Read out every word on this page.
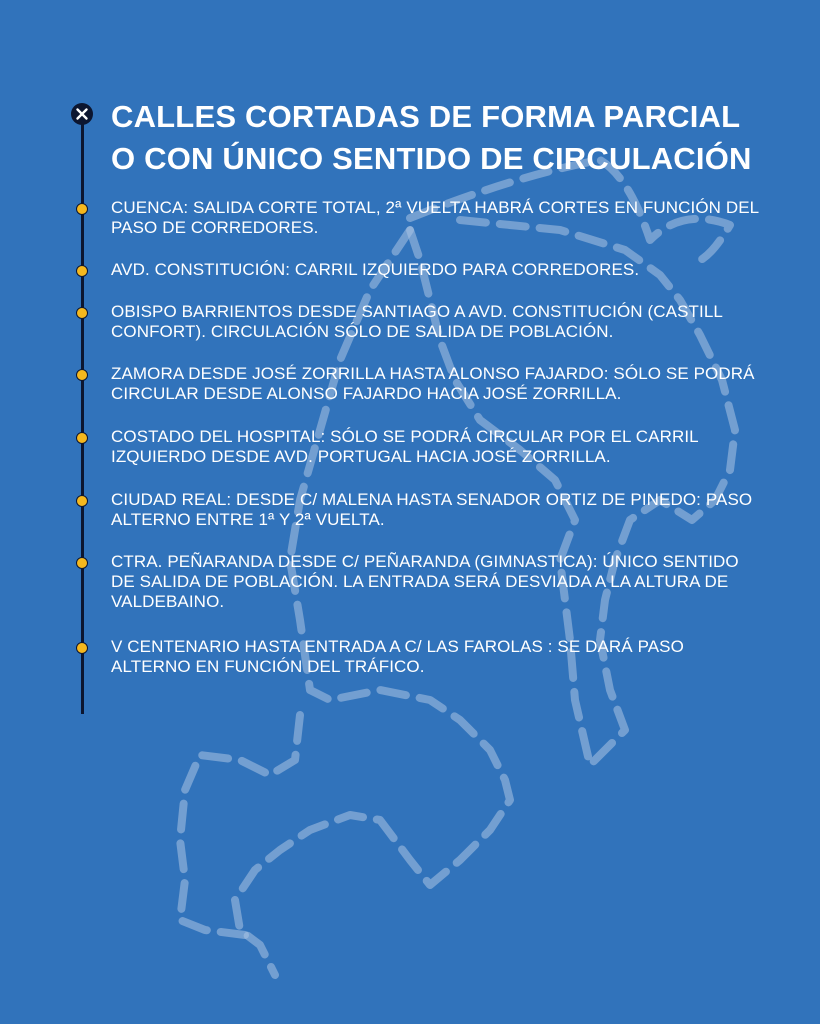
CALLES CORTADAS DE FORMA PARCIAL
O CON ÚNICO SENTIDO DE CIRCULACIÓN
CUENCA: SALIDA CORTE TOTAL, 2ª VUELTA HABRÁ CORTES EN FUNCIÓN DEL PASO DE CORREDORES.
AVD. CONSTITUCIÓN: CARRIL IZQUIERDO PARA CORREDORES.
OBISPO BARRIENTOS DESDE SANTIAGO A AVD. CONSTITUCIÓN (CASTILL CONFORT). CIRCULACIÓN SÓLO DE SALIDA DE POBLACIÓN.
ZAMORA DESDE JOSÉ ZORRILLA HASTA ALONSO FAJARDO: SÓLO SE PODRÁ CIRCULAR DESDE ALONSO FAJARDO HACIA JOSÉ ZORRILLA.
COSTADO DEL HOSPITAL: SÓLO SE PODRÁ CIRCULAR POR EL CARRIL IZQUIERDO DESDE AVD. PORTUGAL HACIA JOSÉ ZORRILLA.
CIUDAD REAL: DESDE C/ MALENA HASTA SENADOR ORTIZ DE PINEDO: PASO ALTERNO ENTRE 1ª Y 2ª VUELTA.
CTRA. PEÑARANDA DESDE C/ PEÑARANDA (GIMNASTICA): ÚNICO SENTIDO DE SALIDA DE POBLACIÓN. LA ENTRADA SERÁ DESVIADA A LA ALTURA DE VALDEBAINO.
V CENTENARIO HASTA ENTRADA A C/ LAS FAROLAS : SE DARÁ PASO ALTERNO EN FUNCIÓN DEL TRÁFICO.
